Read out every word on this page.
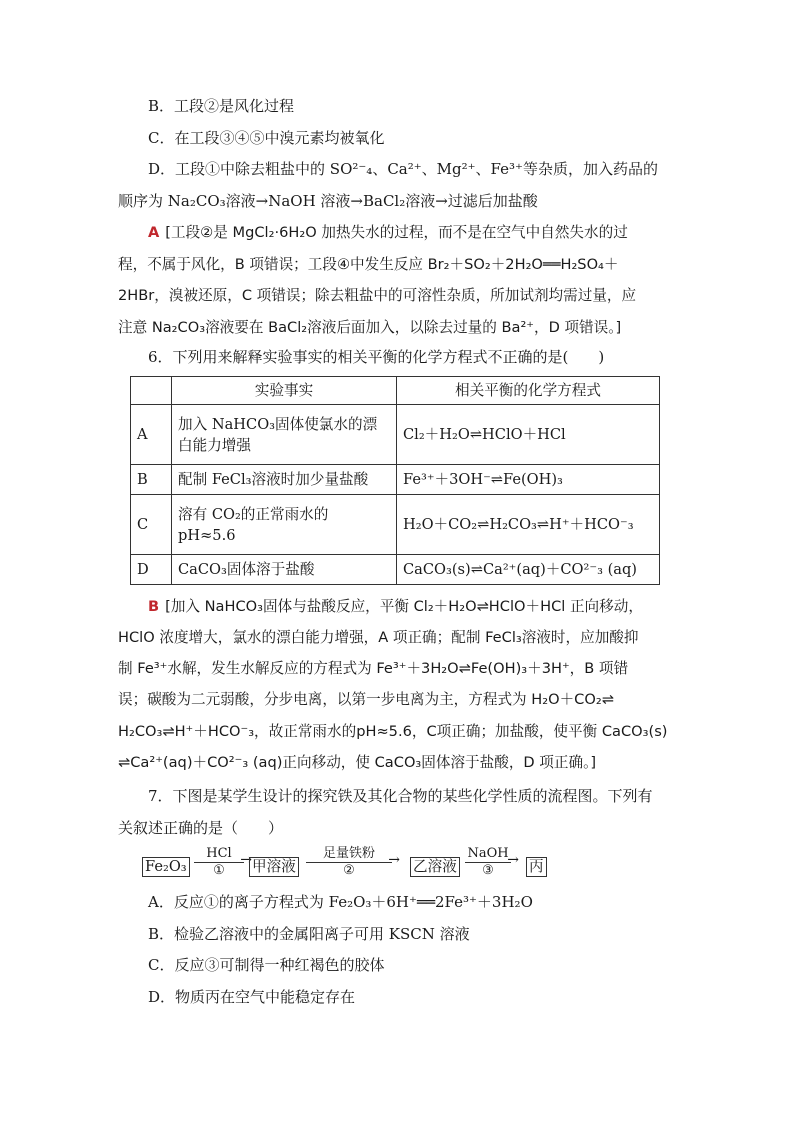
B．工段②是风化过程
C．在工段③④⑤中溴元素均被氧化
D．工段①中除去粗盐中的 SO²⁻₄、Ca²⁺、Mg²⁺、Fe³⁺等杂质，加入药品的
顺序为 Na₂CO₃溶液→NaOH 溶液→BaCl₂溶液→过滤后加盐酸
A [工段②是 MgCl₂·6H₂O 加热失水的过程，而不是在空气中自然失水的过
程，不属于风化，B 项错误；工段④中发生反应 Br₂＋SO₂＋2H₂O══H₂SO₄＋
2HBr，溴被还原，C 项错误；除去粗盐中的可溶性杂质，所加试剂均需过量，应
注意 Na₂CO₃溶液要在 BaCl₂溶液后面加入，以除去过量的 Ba²⁺，D 项错误。]
6．下列用来解释实验事实的相关平衡的化学方程式不正确的是(　　)
	实验事实	相关平衡的化学方程式
A	加入 NaHCO₃固体使氯水的漂白能力增强	Cl₂＋H₂O⇌HClO＋HCl
B	配制 FeCl₃溶液时加少量盐酸	Fe³⁺＋3OH⁻⇌Fe(OH)₃
C	溶有 CO₂的正常雨水的 pH≈5.6	H₂O＋CO₂⇌H₂CO₃⇌H⁺＋HCO⁻₃
D	CaCO₃固体溶于盐酸	CaCO₃(s)⇌Ca²⁺(aq)＋CO²⁻₃ (aq)
B [加入 NaHCO₃固体与盐酸反应，平衡 Cl₂＋H₂O⇌HClO＋HCl 正向移动，
HClO 浓度增大，氯水的漂白能力增强，A 项正确；配制 FeCl₃溶液时，应加酸抑
制 Fe³⁺水解，发生水解反应的方程式为 Fe³⁺＋3H₂O⇌Fe(OH)₃＋3H⁺，B 项错
误；碳酸为二元弱酸，分步电离，以第一步电离为主，方程式为 H₂O＋CO₂⇌
H₂CO₃⇌H⁺＋HCO⁻₃，故正常雨水的pH≈5.6，C项正确；加盐酸，使平衡 CaCO₃(s)
⇌Ca²⁺(aq)＋CO²⁻₃ (aq)正向移动，使 CaCO₃固体溶于盐酸，D 项正确。]
7．下图是某学生设计的探究铁及其化合物的某些化学性质的流程图。下列有
关叙述正确的是（　　）
Fe₂O₃
HCl
→
①	甲溶液
足量铁粉
→
②	乙溶液
NaOH
→
③	丙
A．反应①的离子方程式为 Fe₂O₃＋6H⁺══2Fe³⁺＋3H₂O
B．检验乙溶液中的金属阳离子可用 KSCN 溶液
C．反应③可制得一种红褐色的胶体
D．物质丙在空气中能稳定存在
